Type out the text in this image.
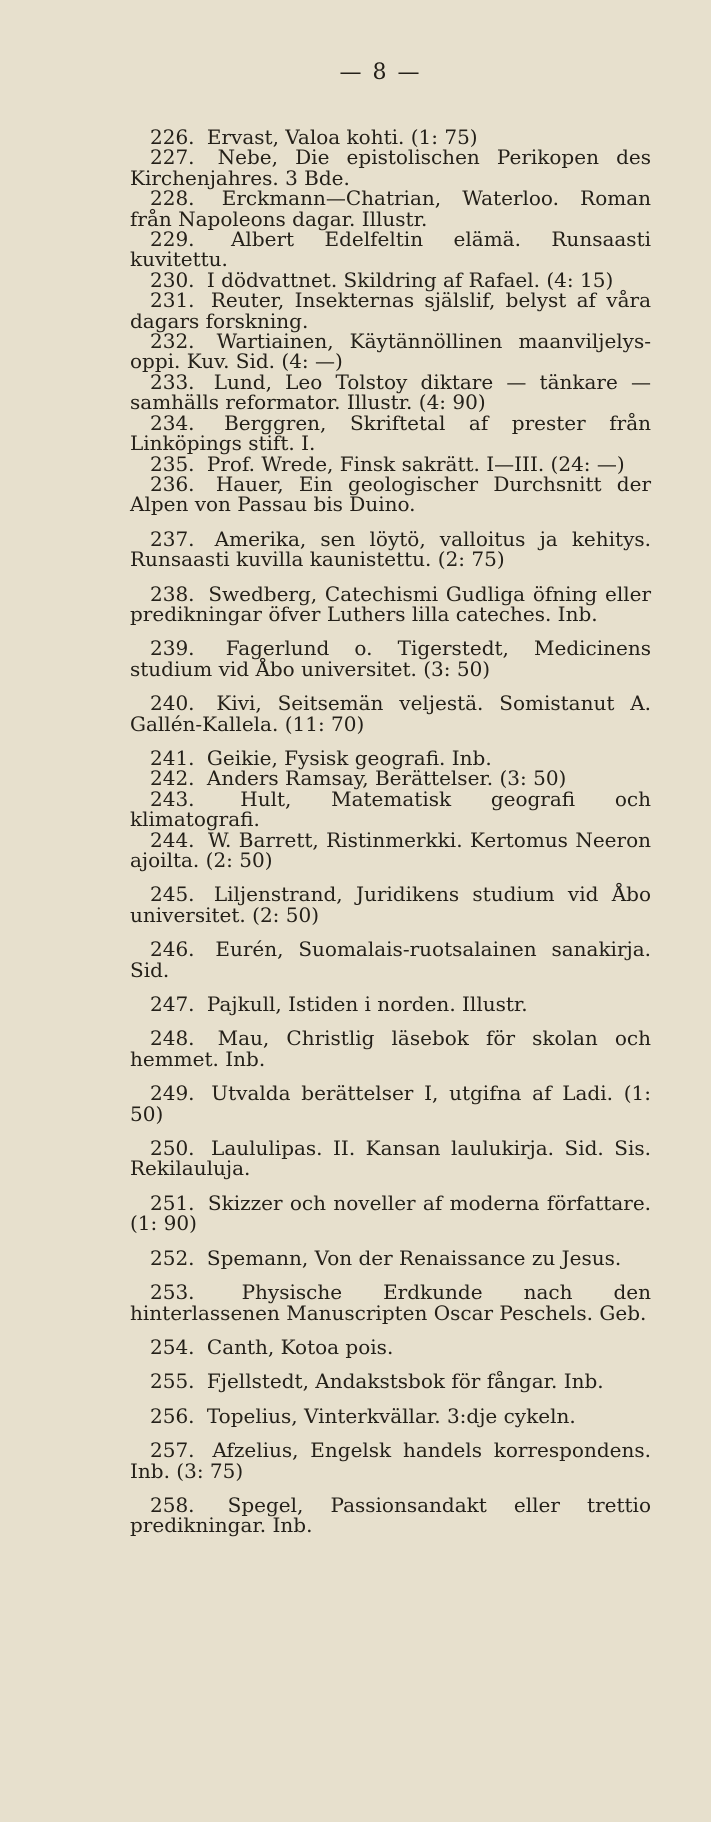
— 8 —
226. Ervast, Valoa kohti. (1: 75)
227. Nebe, Die epistolischen Perikopen des Kirchenjahres. 3 Bde.
228. Erckmann—Chatrian, Waterloo. Roman från Napoleons dagar. Illustr.
229. Albert Edelfeltin elämä. Runsaasti kuvitettu.
230. I dödvattnet. Skildring af Rafael. (4: 15)
231. Reuter, Insekternas själslif, belyst af våra dagars forskning.
232. Wartiainen, Käytännöllinen maanviljelys-oppi. Kuv. Sid. (4: —)
233. Lund, Leo Tolstoy diktare — tänkare — samhälls reformator. Illustr. (4: 90)
234. Berggren, Skriftetal af prester från Linköpings stift. I.
235. Prof. Wrede, Finsk sakrätt. I—III. (24: —)
236. Hauer, Ein geologischer Durchsnitt der Alpen von Passau bis Duino.
237. Amerika, sen löytö, valloitus ja kehitys. Runsaasti kuvilla kaunistettu. (2: 75)
238. Swedberg, Catechismi Gudliga öfning eller predikningar öfver Luthers lilla cateches. Inb.
239. Fagerlund o. Tigerstedt, Medicinens studium vid Åbo universitet. (3: 50)
240. Kivi, Seitsemän veljestä. Somistanut A. Gallén-Kallela. (11: 70)
241. Geikie, Fysisk geografi. Inb.
242. Anders Ramsay, Berättelser. (3: 50)
243. Hult, Matematisk geografi och klimatografi.
244. W. Barrett, Ristinmerkki. Kertomus Neeron ajoilta. (2: 50)
245. Liljenstrand, Juridikens studium vid Åbo universitet. (2: 50)
246. Eurén, Suomalais-ruotsalainen sanakirja. Sid.
247. Pajkull, Istiden i norden. Illustr.
248. Mau, Christlig läsebok för skolan och hemmet. Inb.
249. Utvalda berättelser I, utgifna af Ladi. (1: 50)
250. Laululipas. II. Kansan laulukirja. Sid. Sis. Rekilauluja.
251. Skizzer och noveller af moderna författare. (1: 90)
252. Spemann, Von der Renaissance zu Jesus.
253. Physische Erdkunde nach den hinterlassenen Manuscripten Oscar Peschels. Geb.
254. Canth, Kotoa pois.
255. Fjellstedt, Andakstsbok för fångar. Inb.
256. Topelius, Vinterkvällar. 3:dje cykeln.
257. Afzelius, Engelsk handels korrespondens. Inb. (3: 75)
258. Spegel, Passionsandakt eller trettio predikningar. Inb.
